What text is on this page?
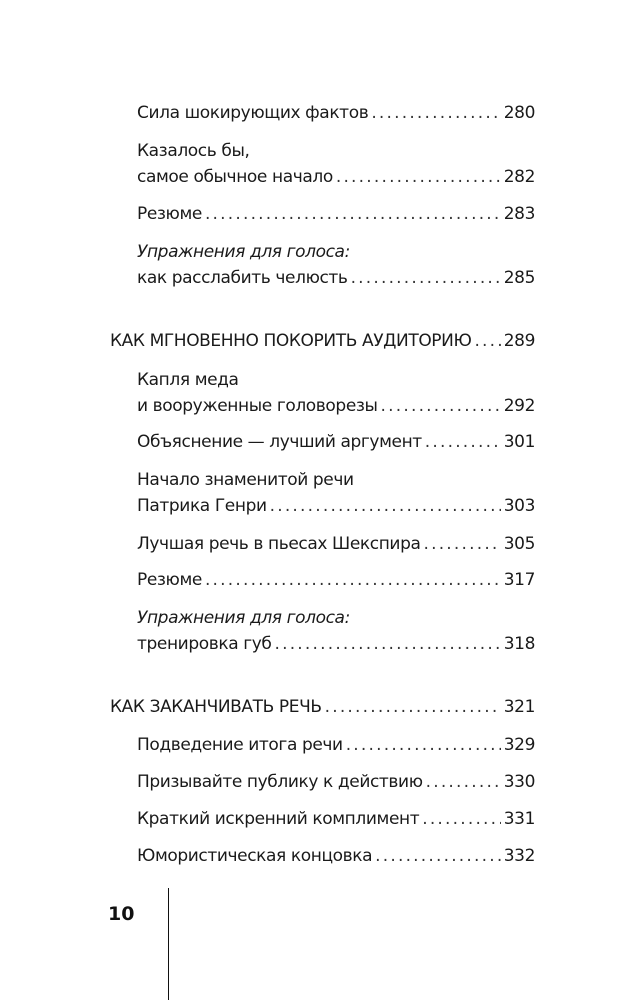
Сила шокирующих фактов .....	280
Казалось бы,
самое обычное начало .....	282
Резюме .....	283
Упражнения для голоса:
как расслабить челюсть .....	285
КАК МГНОВЕННО ПОКОРИТЬ АУДИТОРИЮ ..... 289
Капля меда
и вооруженные головорезы .....	292
Объяснение — лучший аргумент .....	301
Начало знаменитой речи
Патрика Генри .....	303
Лучшая речь в пьесах Шекспира .....	305
Резюме .....	317
Упражнения для голоса:
тренировка губ .....	318
КАК ЗАКАНЧИВАТЬ РЕЧЬ .....	321
Подведение итога речи .....	329
Призывайте публику к действию .....	330
Краткий искренний комплимент .....	331
Юмористическая концовка .....	332
10
